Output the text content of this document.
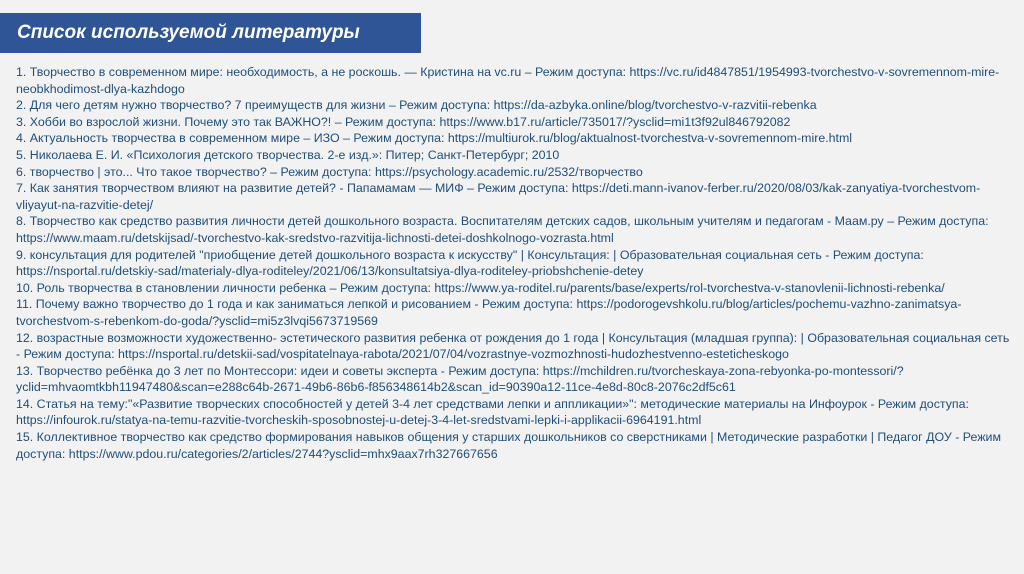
Список используемой литературы
1. Творчество в современном мире: необходимость, а не роскошь. — Кристина на vc.ru – Режим доступа: https://vc.ru/id4847851/1954993-tvorchestvo-v-sovremennom-mire-neobkhodimost-dlya-kazhdogo
2. Для чего детям нужно творчество? 7 преимуществ для жизни – Режим доступа: https://da-azbyka.online/blog/tvorchestvo-v-razvitii-rebenka
3. Хобби во взрослой жизни. Почему это так ВАЖНО?! – Режим доступа: https://www.b17.ru/article/735017/?ysclid=mi1t3f92ul846792082
4. Актуальность творчества в современном мире – ИЗО – Режим доступа: https://multiurok.ru/blog/aktualnost-tvorchestva-v-sovremennom-mire.html
5. Николаева Е. И. «Психология детского творчества. 2-е изд.»: Питер; Санкт-Петербург; 2010
6. творчество | это... Что такое творчество? – Режим доступа: https://psychology.academic.ru/2532/творчество
7. Как занятия творчеством влияют на развитие детей? - Папамамам — МИФ – Режим доступа: https://deti.mann-ivanov-ferber.ru/2020/08/03/kak-zanyatiya-tvorchestvom-vliyayut-na-razvitie-detej/
8. Творчество как средство развития личности детей дошкольного возраста. Воспитателям детских садов, школьным учителям и педагогам - Маам.ру – Режим доступа: https://www.maam.ru/detskijsad/-tvorchestvo-kak-sredstvo-razvitija-lichnosti-detei-doshkolnogo-vozrasta.html
9. консультация для родителей "приобщение детей дошкольного возраста к искусству" | Консультация: | Образовательная социальная сеть - Режим доступа: https://nsportal.ru/detskiy-sad/materialy-dlya-roditeley/2021/06/13/konsultatsiya-dlya-roditeley-priobshchenie-detey
10. Роль творчества в становлении личности ребенка – Режим доступа: https://www.ya-roditel.ru/parents/base/experts/rol-tvorchestva-v-stanovlenii-lichnosti-rebenka/
11. Почему важно творчество до 1 года и как заниматься лепкой и рисованием - Режим доступа: https://podorogevshkolu.ru/blog/articles/pochemu-vazhno-zanimatsya-tvorchestvom-s-rebenkom-do-goda/?ysclid=mi5z3lvqi5673719569
12. возрастные возможности художественно- эстетического развития ребенка от рождения до 1 года | Консультация (младшая группа): | Образовательная социальная сеть - Режим доступа: https://nsportal.ru/detskii-sad/vospitatelnaya-rabota/2021/07/04/vozrastnye-vozmozhnosti-hudozhestvenno-esteticheskogo
13. Творчество ребёнка до 3 лет по Монтессори: идеи и советы эксперта - Режим доступа: https://mchildren.ru/tvorcheskaya-zona-rebyonka-po-montessori/?yclid=mhvaomtkbh11947480&scan=e288c64b-2671-49b6-86b6-f856348614b2&scan_id=90390a12-11ce-4e8d-80c8-2076c2df5c61
14. Статья на тему:"«Развитие творческих способностей у детей 3-4 лет средствами лепки и аппликации»": методические материалы на Инфоурок - Режим доступа: https://infourok.ru/statya-na-temu-razvitie-tvorcheskih-sposobnostej-u-detej-3-4-let-sredstvami-lepki-i-applikacii-6964191.html
15. Коллективное творчество как средство формирования навыков общения у старших дошкольников со сверстниками | Методические разработки | Педагог ДОУ - Режим доступа: https://www.pdou.ru/categories/2/articles/2744?ysclid=mhx9aax7rh327667656
